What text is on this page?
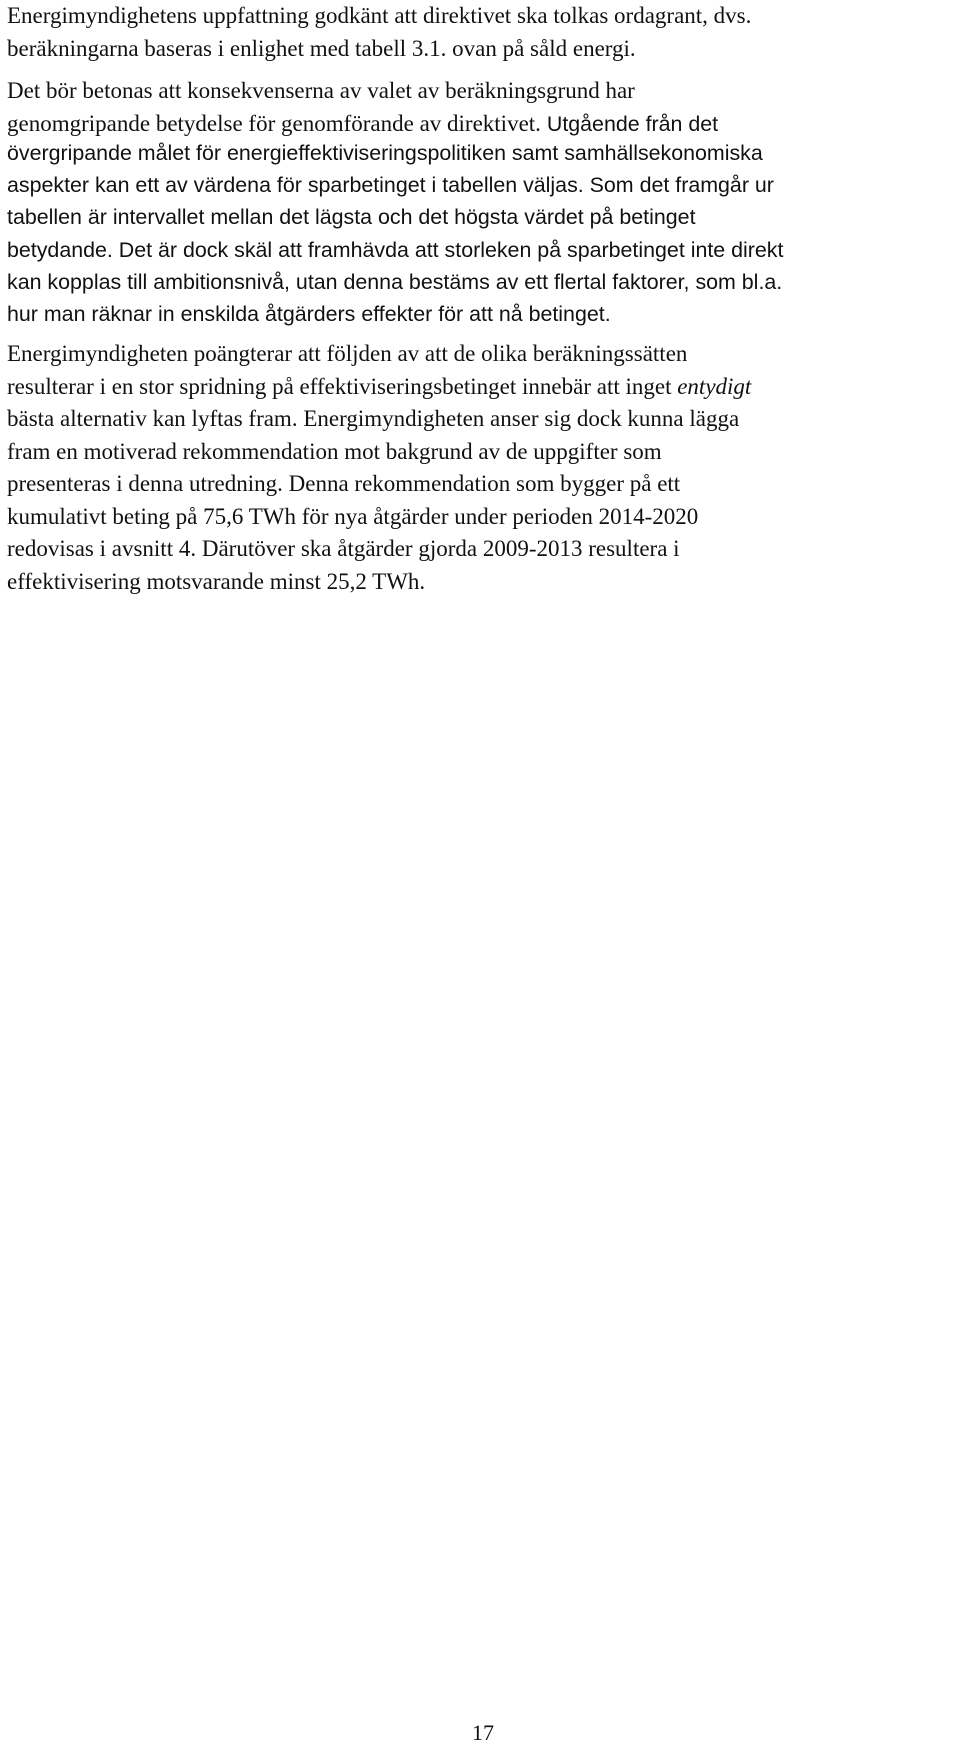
Energimyndighetens uppfattning godkänt att direktivet ska tolkas ordagrant, dvs.
beräkningarna baseras i enlighet med tabell 3.1. ovan på såld energi.

Det bör betonas att konsekvenserna av valet av beräkningsgrund har
genomgripande betydelse för genomförande av direktivet. Utgående från det

övergripande målet för energieffektiviseringspolitiken samt samhällsekonomiska
aspekter kan ett av värdena för sparbetinget i tabellen väljas. Som det framgår ur
tabellen är intervallet mellan det lägsta och det högsta värdet på betinget
betydande. Det är dock skäl att framhävda att storleken på sparbetinget inte direkt
kan kopplas till ambitionsnivå, utan denna bestäms av ett flertal faktorer, som bl.a.
hur man räknar in enskilda åtgärders effekter för att nå betinget.

Energimyndigheten poängterar att följden av att de olika beräkningssätten
resulterar i en stor spridning på effektiviseringsbetinget innebär att inget entydigt
bästa alternativ kan lyftas fram. Energimyndigheten anser sig dock kunna lägga
fram en motiverad rekommendation mot bakgrund av de uppgifter som
presenteras i denna utredning. Denna rekommendation som bygger på ett
kumulativt beting på 75,6 TWh för nya åtgärder under perioden 2014-2020
redovisas i avsnitt 4. Därutöver ska åtgärder gjorda 2009-2013 resultera i
effektivisering motsvarande minst 25,2 TWh.

17
